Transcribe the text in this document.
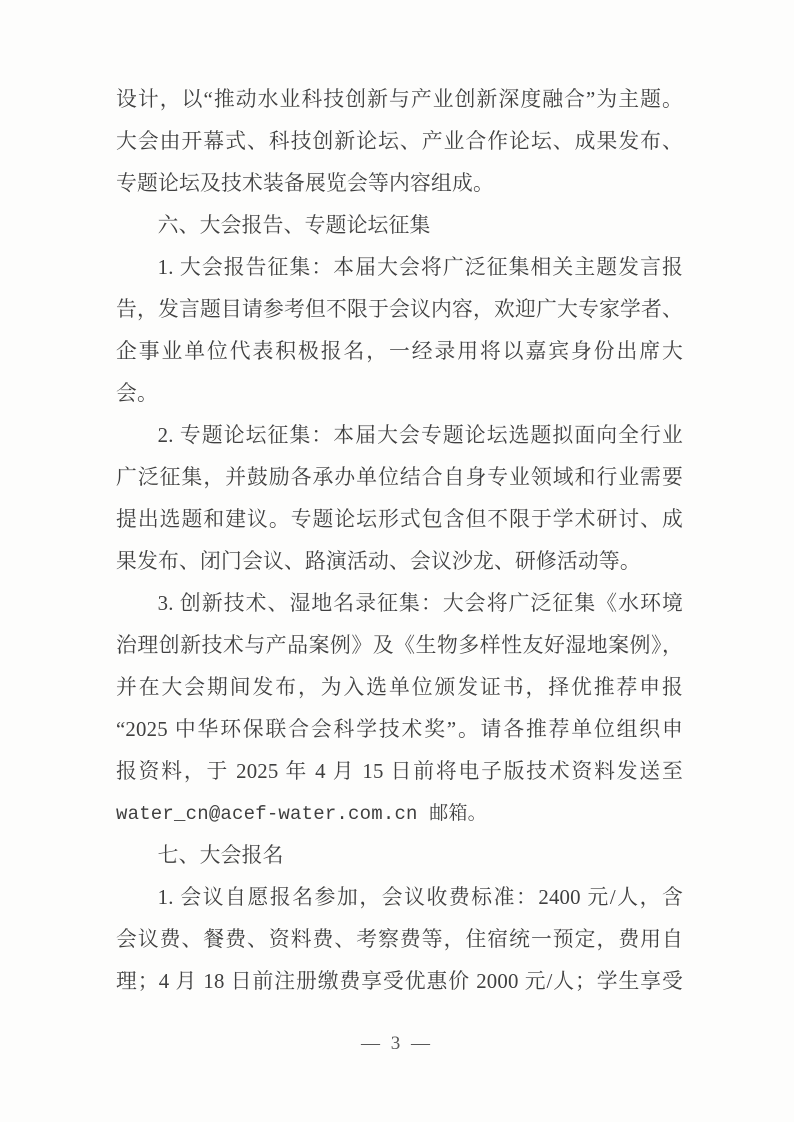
设计，以“推动水业科技创新与产业创新深度融合”为主题。
大会由开幕式、科技创新论坛、产业合作论坛、成果发布、
专题论坛及技术装备展览会等内容组成。
六、大会报告、专题论坛征集
1. 大会报告征集：本届大会将广泛征集相关主题发言报
告，发言题目请参考但不限于会议内容，欢迎广大专家学者、
企事业单位代表积极报名，一经录用将以嘉宾身份出席大
会。
2. 专题论坛征集：本届大会专题论坛选题拟面向全行业
广泛征集，并鼓励各承办单位结合自身专业领域和行业需要
提出选题和建议。专题论坛形式包含但不限于学术研讨、成
果发布、闭门会议、路演活动、会议沙龙、研修活动等。
3. 创新技术、湿地名录征集：大会将广泛征集《水环境
治理创新技术与产品案例》及《生物多样性友好湿地案例》，
并在大会期间发布，为入选单位颁发证书，择优推荐申报
“2025 中华环保联合会科学技术奖”。请各推荐单位组织申
报资料，于 2025 年 4 月 15 日前将电子版技术资料发送至
water_cn@acef-water.com.cn 邮箱。
七、大会报名
1. 会议自愿报名参加，会议收费标准：2400 元/人，含
会议费、餐费、资料费、考察费等，住宿统一预定，费用自
理；4 月 18 日前注册缴费享受优惠价 2000 元/人；学生享受
— 3 —
